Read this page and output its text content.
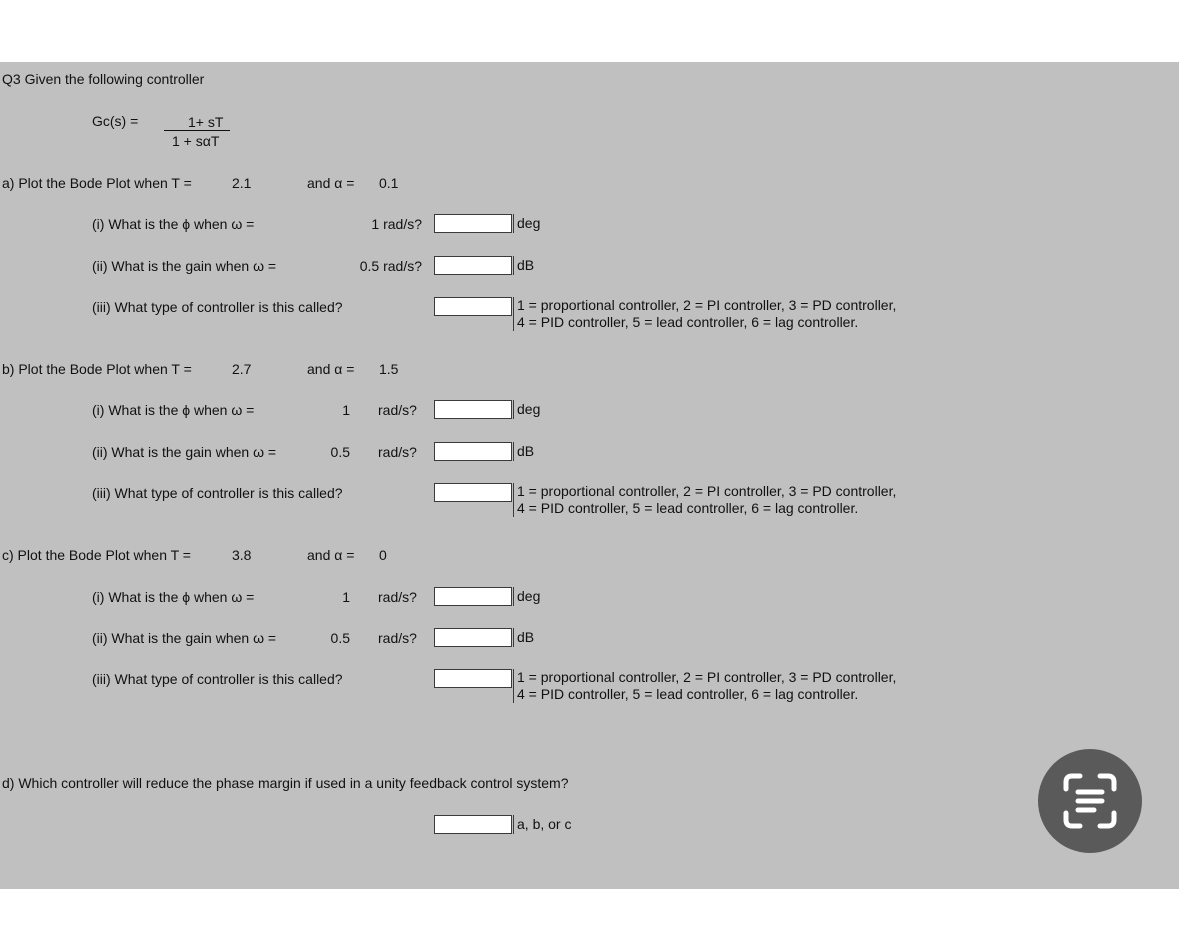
Q3 Given the following controller
Gc(s) =	1+ sT
1 + sαT
a) Plot the Bode Plot when T =	2.1	and α = 0.1
(i) What is the ϕ when ω =	1 rad/s?	deg
(ii) What is the gain when ω =	0.5 rad/s?	dB
(iii) What type of controller is this called?	1 = proportional controller, 2 = PI controller, 3 = PD controller,
4 = PID controller, 5 = lead controller, 6 = lag controller.
b) Plot the Bode Plot when T =	2.7	and α = 1.5
(i) What is the ϕ when ω =	1 rad/s?	deg
(ii) What is the gain when ω =	0.5 rad/s?	dB
(iii) What type of controller is this called?	1 = proportional controller, 2 = PI controller, 3 = PD controller,
4 = PID controller, 5 = lead controller, 6 = lag controller.
c) Plot the Bode Plot when T =	3.8	and α = 0
(i) What is the ϕ when ω =	1 rad/s?	deg
(ii) What is the gain when ω =	0.5 rad/s?	dB
(iii) What type of controller is this called?	1 = proportional controller, 2 = PI controller, 3 = PD controller,
4 = PID controller, 5 = lead controller, 6 = lag controller.
d) Which controller will reduce the phase margin if used in a unity feedback control system?
a, b, or c
